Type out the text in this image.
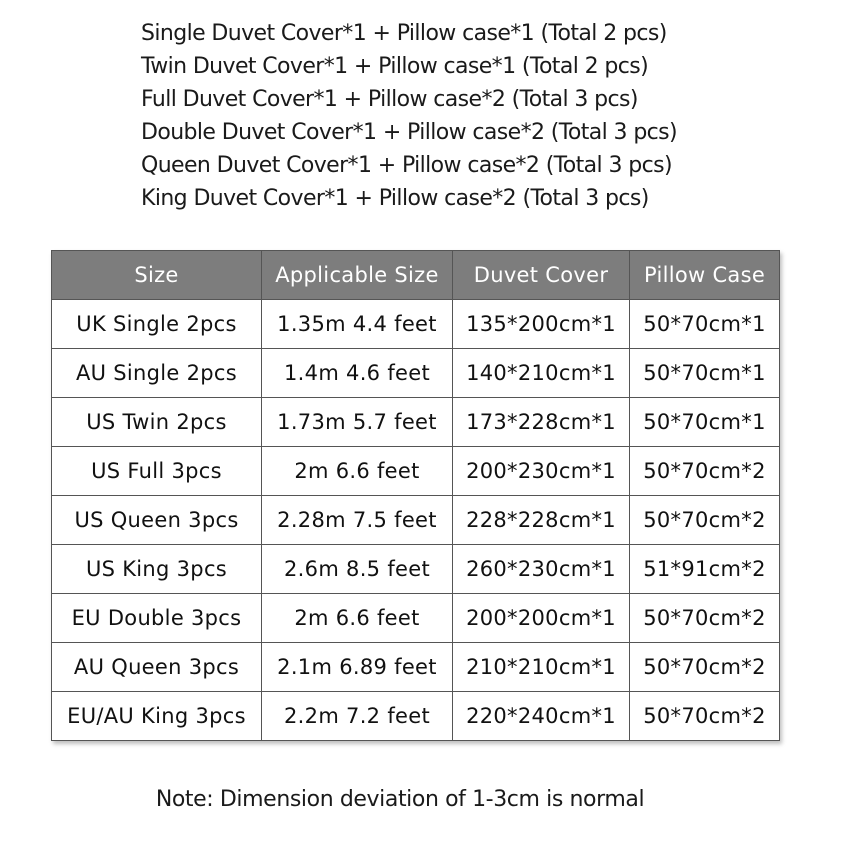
Single Duvet Cover*1 + Pillow case*1 (Total 2 pcs)
Twin Duvet Cover*1 + Pillow case*1 (Total 2 pcs)
Full Duvet Cover*1 + Pillow case*2 (Total 3 pcs)
Double Duvet Cover*1 + Pillow case*2 (Total 3 pcs)
Queen Duvet Cover*1 + Pillow case*2 (Total 3 pcs)
King Duvet Cover*1 + Pillow case*2 (Total 3 pcs)
Size	Applicable Size	Duvet Cover	Pillow Case
UK Single 2pcs	1.35m 4.4 feet	135*200cm*1	50*70cm*1
AU Single 2pcs	1.4m 4.6 feet	140*210cm*1	50*70cm*1
US Twin 2pcs	1.73m 5.7 feet	173*228cm*1	50*70cm*1
US Full 3pcs	2m 6.6 feet	200*230cm*1	50*70cm*2
US Queen 3pcs	2.28m 7.5 feet	228*228cm*1	50*70cm*2
US King 3pcs	2.6m 8.5 feet	260*230cm*1	51*91cm*2
EU Double 3pcs	2m 6.6 feet	200*200cm*1	50*70cm*2
AU Queen 3pcs	2.1m 6.89 feet	210*210cm*1	50*70cm*2
EU/AU King 3pcs	2.2m 7.2 feet	220*240cm*1	50*70cm*2
Note: Dimension deviation of 1-3cm is normal
